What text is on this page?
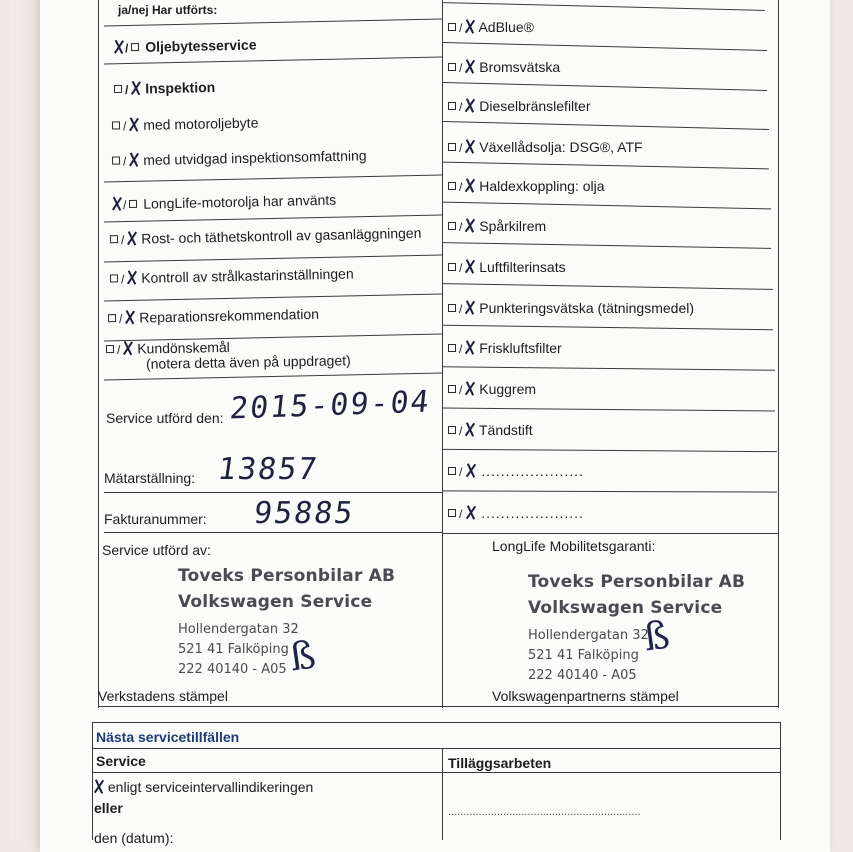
ja/nej Har utförts:
/ Oljebytesservice
/ Inspektion
/ med motoroljebyte
/ med utvidgad inspektionsomfattning
/ LongLife-motorolja har använts
/ Rost- och täthetskontroll av gasanläggningen
/ Kontroll av strålkastarinställningen
/ Reparationsrekommendation
/ Kundönskemål
(notera detta även på uppdraget)
Service utförd den: 2015-09-04
Mätarställning: 13857
Fakturanummer: 95885
/ AdBlue®
/ Bromsvätska
/ Dieselbränslefilter
/ Växellådsolja: DSG®, ATF
/ Haldexkoppling: olja
/ Spårkilrem
/ Luftfilterinsats
/ Punkteringsvätska (tätningsmedel)
/ Friskluftsfilter
/ Kuggrem
/ Tändstift
/ .....................
/ .....................
Service utförd av:
Toveks Personbilar AB
Volkswagen Service
Hollendergatan 32
521 41 Falköping
222 40140 - A05 ß
Verkstadens stämpel
LongLife Mobilitetsgaranti:
Toveks Personbilar AB
Volkswagen Service
Hollendergatan 32
521 41 Falköping
222 40140 - A05
ß
Volkswagenpartnerns stämpel
Nästa servicetillfällen
Service	Tilläggsarbeten
enligt serviceintervallindikeringen
eller
den (datum):
...............................................................
